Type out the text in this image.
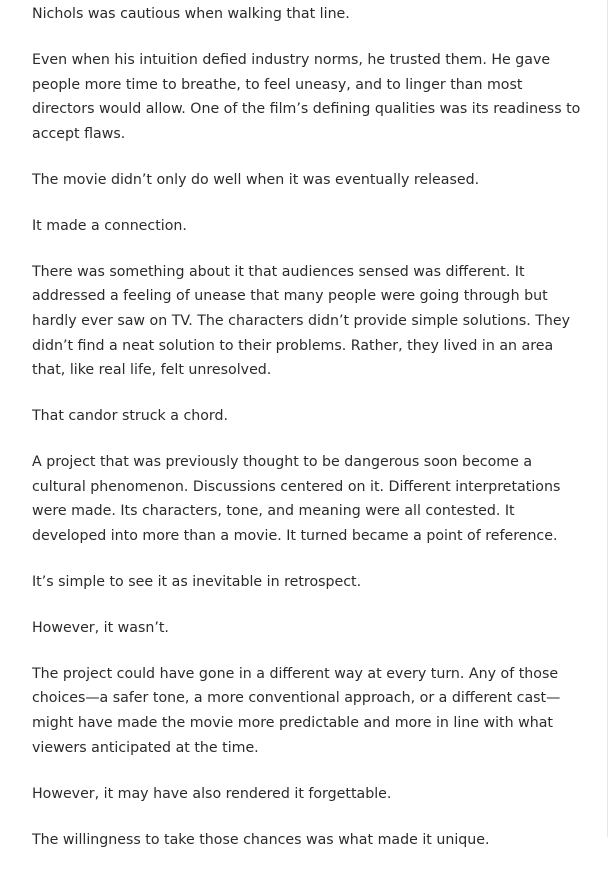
Nichols was cautious when walking that line.

Even when his intuition defied industry norms, he trusted them. He gave people more time to breathe, to feel uneasy, and to linger than most directors would allow. One of the film’s defining qualities was its readiness to accept flaws.

The movie didn’t only do well when it was eventually released.

It made a connection.

There was something about it that audiences sensed was different. It addressed a feeling of unease that many people were going through but hardly ever saw on TV. The characters didn’t provide simple solutions. They didn’t find a neat solution to their problems. Rather, they lived in an area that, like real life, felt unresolved.

That candor struck a chord.

A project that was previously thought to be dangerous soon become a cultural phenomenon. Discussions centered on it. Different interpretations were made. Its characters, tone, and meaning were all contested. It developed into more than a movie. It turned became a point of reference.

It’s simple to see it as inevitable in retrospect.

However, it wasn’t.

The project could have gone in a different way at every turn. Any of those choices—a safer tone, a more conventional approach, or a different cast—might have made the movie more predictable and more in line with what viewers anticipated at the time.

However, it may have also rendered it forgettable.

The willingness to take those chances was what made it unique.
